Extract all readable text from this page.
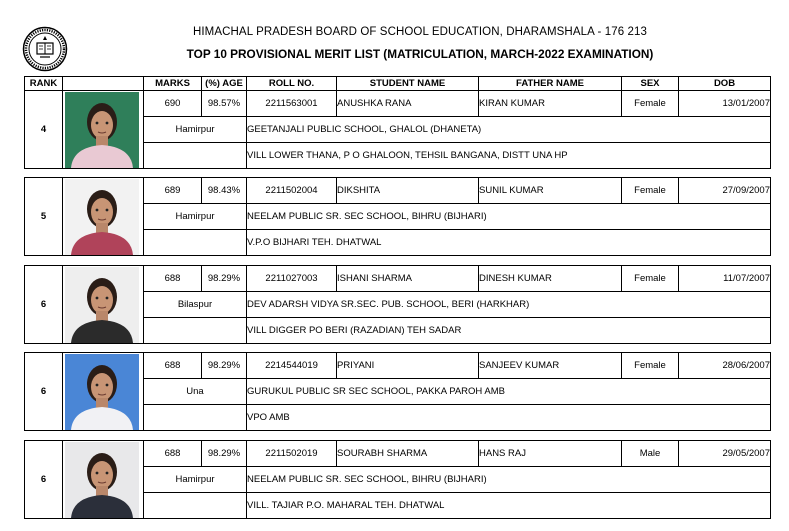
HIMACHAL PRADESH BOARD OF SCHOOL EDUCATION, DHARAMSHALA - 176 213
TOP 10 PROVISIONAL MERIT LIST (MATRICULATION, MARCH-2022 EXAMINATION)
RANK		MARKS	(%) AGE	ROLL NO.	STUDENT NAME	FATHER NAME	SEX	DOB
4		690	98.57%	2211563001	ANUSHKA RANA	KIRAN KUMAR	Female	13/01/2007
		Hamirpur		GEETANJALI PUBLIC SCHOOL, GHALOL (DHANETA)				
				VILL LOWER THANA, P O GHALOON, TEHSIL BANGANA, DISTT UNA HP				
5		689	98.43%	2211502004	DIKSHITA	SUNIL KUMAR	Female	27/09/2007
		Hamirpur		NEELAM PUBLIC SR. SEC SCHOOL, BIHRU (BIJHARI)				
				V.P.O BIJHARI TEH. DHATWAL				
6		688	98.29%	2211027003	ISHANI SHARMA	DINESH KUMAR	Female	11/07/2007
		Bilaspur		DEV ADARSH VIDYA SR.SEC. PUB. SCHOOL, BERI (HARKHAR)				
				VILL DIGGER PO BERI (RAZADIAN) TEH SADAR				
6		688	98.29%	2214544019	PRIYANI	SANJEEV KUMAR	Female	28/06/2007
		Una		GURUKUL PUBLIC SR SEC SCHOOL, PAKKA PAROH AMB				
				VPO AMB				
6		688	98.29%	2211502019	SOURABH SHARMA	HANS RAJ	Male	29/05/2007
		Hamirpur		NEELAM PUBLIC SR. SEC SCHOOL, BIHRU (BIJHARI)				
				VILL. TAJIAR P.O. MAHARAL TEH. DHATWAL				
